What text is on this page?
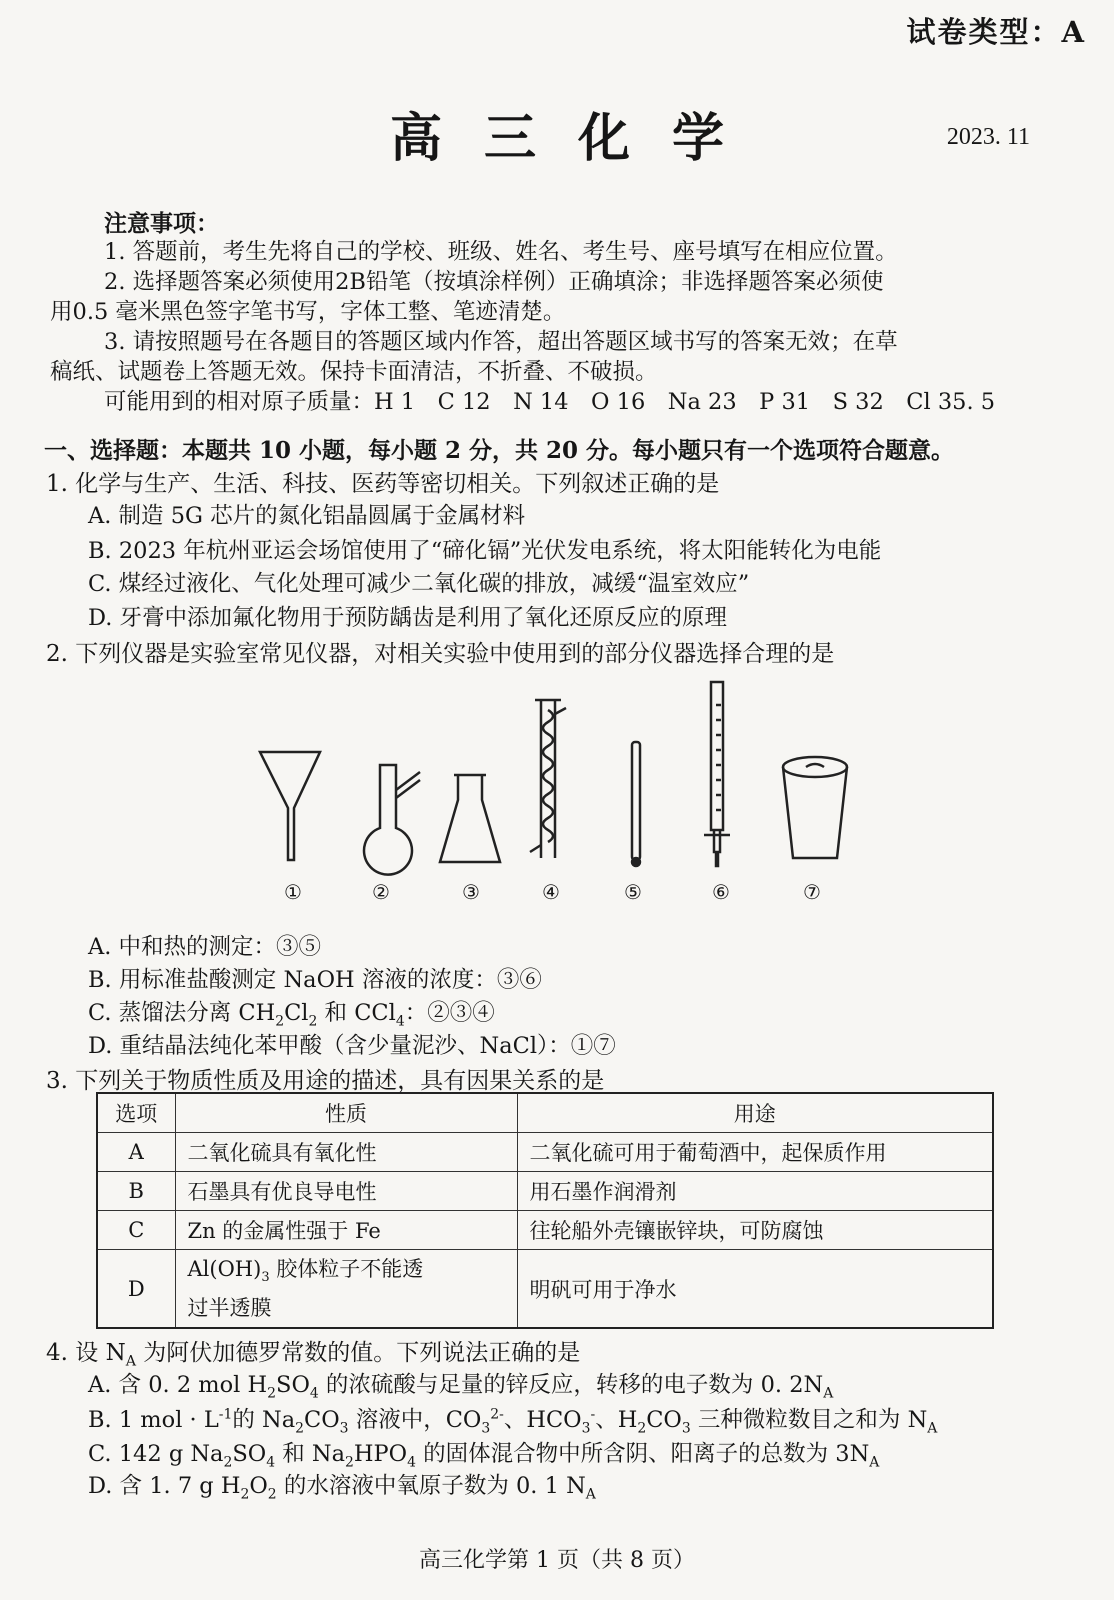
试卷类型：A
高三化学	2023. 11
注意事项：
1. 答题前，考生先将自己的学校、班级、姓名、考生号、座号填写在相应位置。
2. 选择题答案必须使用2B铅笔（按填涂样例）正确填涂；非选择题答案必须使
用0.5 毫米黑色签字笔书写，字体工整、笔迹清楚。
3. 请按照题号在各题目的答题区域内作答，超出答题区域书写的答案无效；在草
稿纸、试题卷上答题无效。保持卡面清洁，不折叠、不破损。
可能用到的相对原子质量：H 1　C 12　N 14　O 16　Na 23　P 31　S 32　Cl 35. 5
一、选择题：本题共 10 小题，每小题 2 分，共 20 分。每小题只有一个选项符合题意。
1. 化学与生产、生活、科技、医药等密切相关。下列叙述正确的是
A. 制造 5G 芯片的氮化铝晶圆属于金属材料
B. 2023 年杭州亚运会场馆使用了“碲化镉”光伏发电系统，将太阳能转化为电能
C. 煤经过液化、气化处理可减少二氧化碳的排放，减缓“温室效应”
D. 牙膏中添加氟化物用于预防龋齿是利用了氧化还原反应的原理
2. 下列仪器是实验室常见仪器，对相关实验中使用到的部分仪器选择合理的是
①	②	③	④	⑤	⑥	⑦
A. 中和热的测定：③⑤
B. 用标准盐酸测定 NaOH 溶液的浓度：③⑥
C. 蒸馏法分离 $CH_2Cl_2$ 和 CCl$_4$：②③④
D. 重结晶法纯化苯甲酸（含少量泥沙、NaCl）：①⑦
3. 下列关于物质性质及用途的描述，具有因果关系的是
选项	性质	用途
A	二氧化硫具有氧化性	二氧化硫可用于葡萄酒中，起保质作用
B	石墨具有优良导电性	用石墨作润滑剂
C	Zn 的金属性强于 Fe	往轮船外壳镶嵌锌块，可防腐蚀
D	$Al(OH)_3$ 胶体粒子不能透
过半透膜	明矾可用于净水
4. 设 $N_A$ 为阿伏加德罗常数的值。下列说法正确的是
A. 含 0. 2 mol $H_2SO_4$ 的浓硫酸与足量的锌反应，转移的电子数为 0. $2N_A$
B. 1 mol · $L^{-1}$的 $Na_2CO_3$ 溶液中，$CO_3^{2-}$、$HCO_3^-$、$H_2CO_3$ 三种微粒数目之和为 $N_A$
C. 142 g $Na_2SO_4$ 和 $Na_2HPO_4$ 的固体混合物中所含阴、阳离子的总数为 $3N_A$
D. 含 1. 7 g $H_2O_2$ 的水溶液中氧原子数为 0. 1 $N_A$
高三化学第 1 页（共 8 页）
